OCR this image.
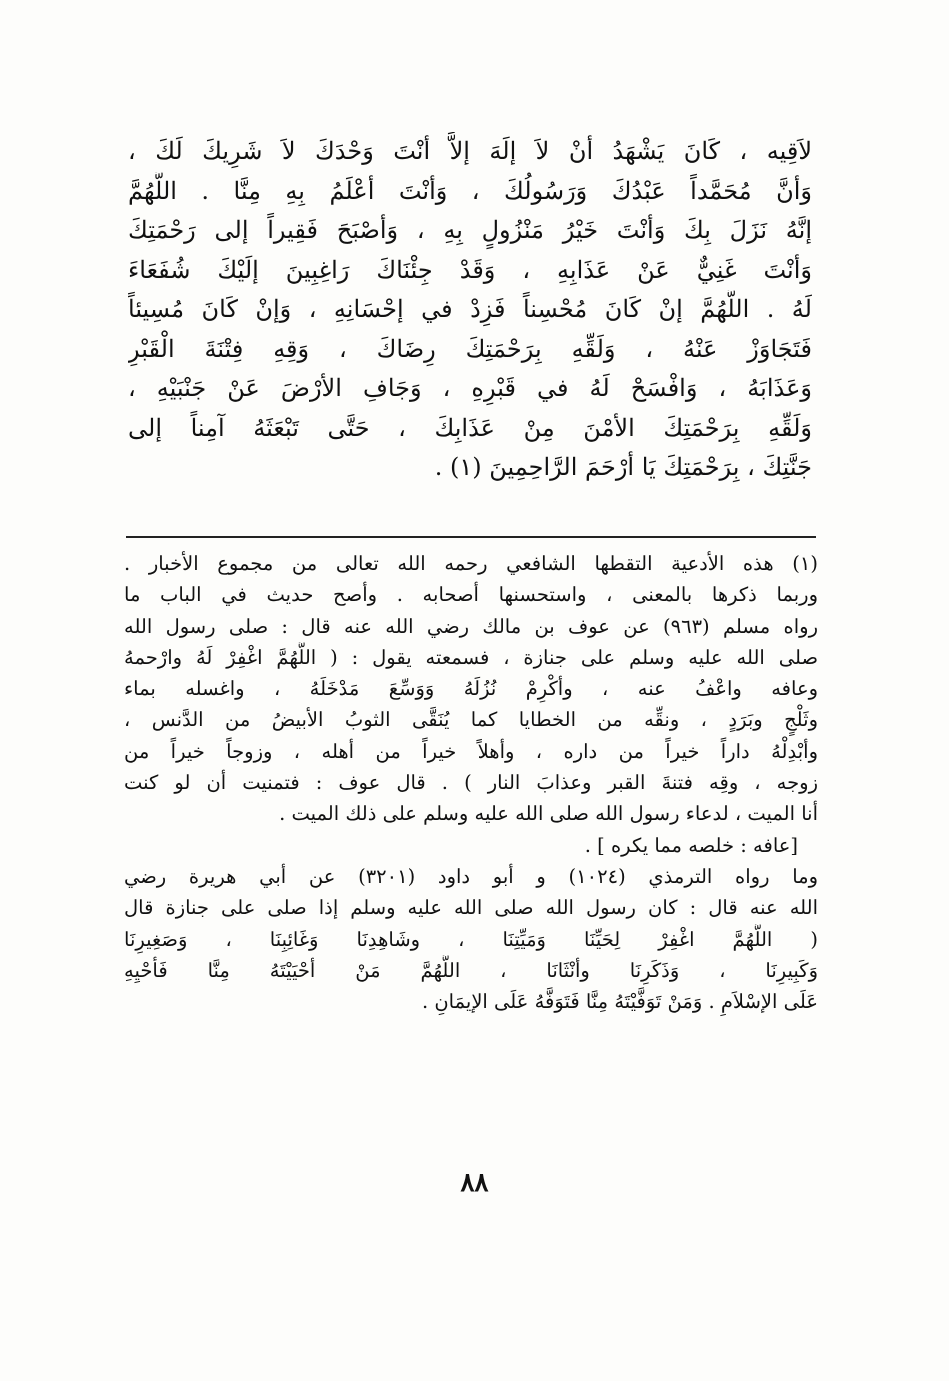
لاَقِيه ، كَانَ يَشْهَدُ أنْ لاَ إلَهَ إلاَّ أنْتَ وَحْدَكَ لاَ شَرِيكَ لَكَ ،
وَأنَّ مُحَمَّداً عَبْدُكَ وَرَسُولُكَ ، وَأنْتَ أعْلَمُ بِهِ مِنَّا . اللَّهُمَّ
إنَّهُ نَزَلَ بِكَ وَأنْتَ خَيْرُ مَنْزُولٍ بِهِ ، وَأصْبَحَ فَقِيراً إلى رَحْمَتِكَ
وَأنْتَ غَنِيٌّ عَنْ عَذَابِهِ ، وَقَدْ جِئْنَاكَ رَاغِبِينَ إلَيْكَ شُفَعَاءَ
لَهُ . اللَّهُمَّ إنْ كَانَ مُحْسِناً فَزِدْ في إحْسَانِهِ ، وَإنْ كَانَ مُسِيئاً
فَتَجَاوَزْ عَنْهُ ، وَلَقِّهِ بِرَحْمَتِكَ رِضَاكَ ، وَقِهِ فِتْنَةَ الْقَبْرِ
وَعَذَابَهُ ، وَافْسَحْ لَهُ في قَبْرِهِ ، وَجَافِ الأرْضَ عَنْ جَنْبَيْهِ ،
وَلَقِّهِ بِرَحْمَتِكَ الأمْنَ مِنْ عَذَابِكَ ، حَتَّى تَبْعَثَهُ آمِناً إلى
جَنَّتِكَ ، بِرَحْمَتِكَ يَا أرْحَمَ الرَّاحِمِينَ (١) .
(١) هذه الأدعية التقطها الشافعي رحمه الله تعالى من مجموع الأخبار .
وربما ذكرها بالمعنى ، واستحسنها أصحابه . وأصح حديث في الباب ما
رواه مسلم (٩٦٣) عن عوف بن مالك رضي الله عنه قال : صلى رسول الله
صلى الله عليه وسلم على جنازة ، فسمعته يقول : ( اللَّهُمَّ اغْفِرْ لَهُ وارْحمهُ
وعافه واعْفُ عنه ، وأكْرِمْ نُزُلَهُ وَوَسِّعَ مَدْخَلَهُ ، واغسله بماء
وثَلْجٍ وبَرَدٍ ، ونقِّه من الخطايا كما يُنَقَّى الثوبُ الأبيضُ من الدَّنس ،
وأبْدِلْهُ داراً خيراً من داره ، وأهلاً خيراً من أهله ، وزوجاً خيراً من
زوجه ، وقِه فتنةَ القبر وعذابَ النار ) . قال عوف : فتمنيت أن لو كنت
أنا الميت ، لدعاء رسول الله صلى الله عليه وسلم على ذلك الميت .
[عافه : خلصه مما يكره ] .
وما رواه الترمذي (١٠٢٤) و أبو داود (٣٢٠١) عن أبي هريرة رضي
الله عنه قال : كان رسول الله صلى الله عليه وسلم إذا صلى على جنازة قال
( اللَّهُمَّ اغْفِرْ لِحَيِّنَا وَمَيِّتِنَا ، وشَاهِدِنَا وَغَائِبِنَا ، وَصَغِيرِنَا
وَكَبِيرِنَا ، وَذَكَرِنَا وأنْثَانَا ، اللَّهُمَّ مَنْ أحْيَيْتَهُ مِنَّا فَأحْيِهِ
عَلَى الإسْلاَمِ . وَمَنْ تَوَفَّيْتَهُ مِنَّا فَتَوَفَّهُ عَلَى الإيمَانِ .
٨٨
